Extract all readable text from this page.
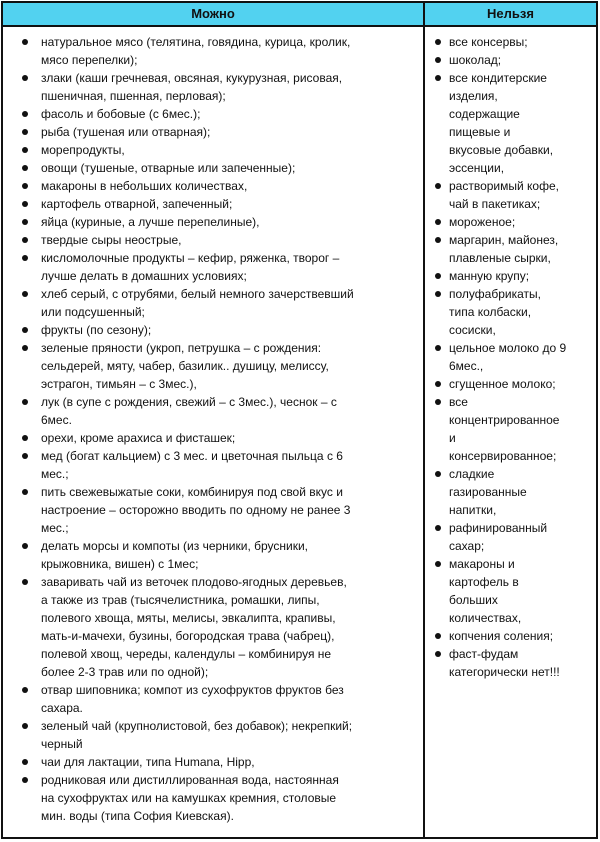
Можно	Нельзя
натуральное мясо (телятина, говядина, курица, кролик,
мясо перепелки);
злаки (каши гречневая, овсяная, кукурузная, рисовая,
пшеничная, пшенная, перловая);
фасоль и бобовые (с 6мес.);
рыба (тушеная или отварная);
морепродукты,
овощи (тушеные, отварные или запеченные);
макароны в небольших количествах,
картофель отварной, запеченный;
яйца (куриные, а лучше перепелиные),
твердые сыры неострые,
кисломолочные продукты – кефир, ряженка, творог –
лучше делать в домашних условиях;
хлеб серый, с отрубями, белый немного зачерствевший
или подсушенный;
фрукты (по сезону);
зеленые пряности (укроп, петрушка – с рождения:
сельдерей, мяту, чабер, базилик.. душицу, мелиссу,
эстрагон, тимьян – с 3мес.),
лук (в супе с рождения, свежий – с 3мес.), чеснок – с
6мес.
орехи, кроме арахиса и фисташек;
мед (богат кальцием) с 3 мес. и цветочная пыльца с 6
мес.;
пить свежевыжатые соки, комбинируя под свой вкус и
настроение – осторожно вводить по одному не ранее 3
мес.;
делать морсы и компоты (из черники, брусники,
крыжовника, вишен) с 1мес;
заваривать чай из веточек плодово-ягодных деревьев,
а также из трав (тысячелистника, ромашки, липы,
полевого хвоща, мяты, мелисы, эвкалипта, крапивы,
мать-и-мачехи, бузины, богородская трава (чабрец),
полевой хвощ, череды, календулы – комбинируя не
более 2-3 трав или по одной);
отвар шиповника; компот из сухофруктов фруктов без
сахара.
зеленый чай (крупнолистовой, без добавок); некрепкий;
черный
чаи для лактации, типа Humana, Hipp,
родниковая или дистиллированная вода, настоянная
на сухофруктах или на камушках кремния, столовые
мин. воды (типа София Киевская).
все консервы;
шоколад;
все кондитерские
изделия,
содержащие
пищевые и
вкусовые добавки,
эссенции,
растворимый кофе,
чай в пакетиках;
мороженое;
маргарин, майонез,
плавленые сырки,
манную крупу;
полуфабрикаты,
типа колбаски,
сосиски,
цельное молоко до 9
6мес.,
сгущенное молоко;
все
концентрированное
и
консервированное;
сладкие
газированные
напитки,
рафинированный
сахар;
макароны и
картофель в
больших
количествах,
копчения соления;
фаст-фудам
категорически нет!!!
